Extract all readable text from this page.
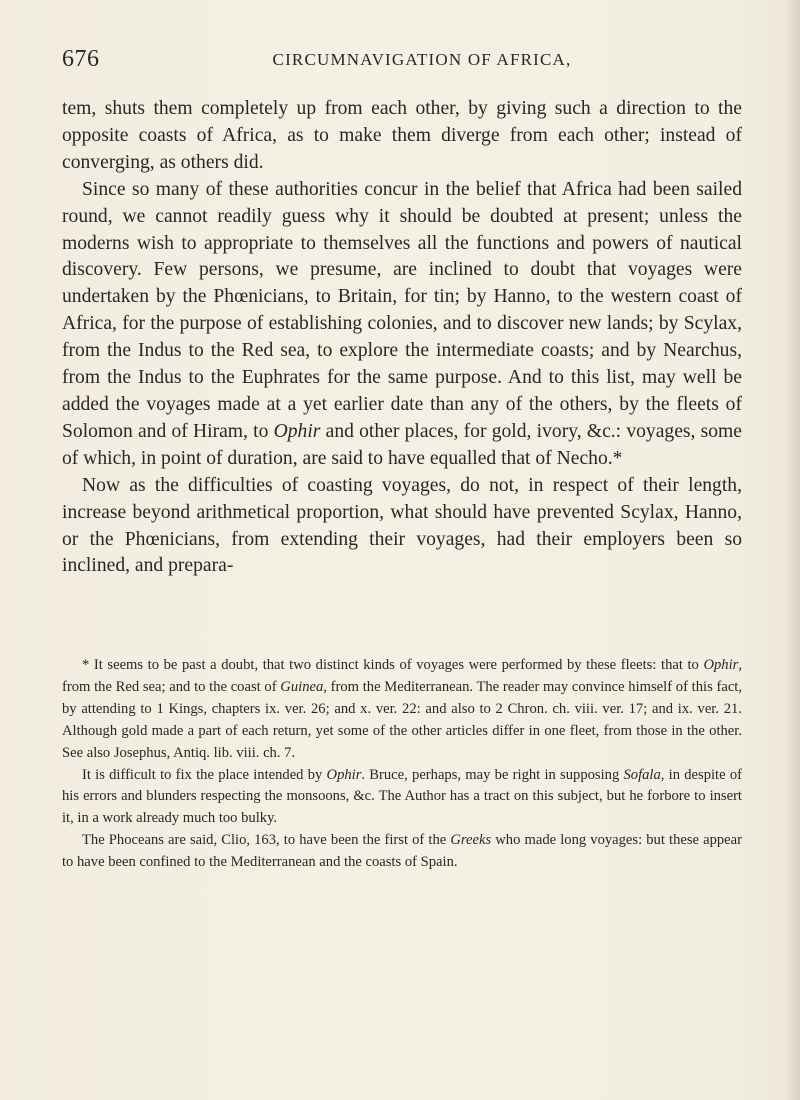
676	CIRCUMNAVIGATION OF AFRICA,

tem, shuts them completely up from each other, by giving such a direction to the opposite coasts of Africa, as to make them diverge from each other; instead of converging, as others did.

Since so many of these authorities concur in the belief that Africa had been sailed round, we cannot readily guess why it should be doubted at present; unless the moderns wish to appropriate to themselves all the functions and powers of nautical discovery. Few persons, we presume, are inclined to doubt that voyages were undertaken by the Phœnicians, to Britain, for tin; by Hanno, to the western coast of Africa, for the purpose of establishing colonies, and to discover new lands; by Scylax, from the Indus to the Red sea, to explore the intermediate coasts; and by Nearchus, from the Indus to the Euphrates for the same purpose. And to this list, may well be added the voyages made at a yet earlier date than any of the others, by the fleets of Solomon and of Hiram, to Ophir and other places, for gold, ivory, &c.: voyages, some of which, in point of duration, are said to have equalled that of Necho.*

Now as the difficulties of coasting voyages, do not, in respect of their length, increase beyond arithmetical proportion, what should have prevented Scylax, Hanno, or the Phœnicians, from extending their voyages, had their employers been so inclined, and prepara-

* It seems to be past a doubt, that two distinct kinds of voyages were performed by these fleets: that to Ophir, from the Red sea; and to the coast of Guinea, from the Mediterranean. The reader may convince himself of this fact, by attending to 1 Kings, chapters ix. ver. 26; and x. ver. 22: and also to 2 Chron. ch. viii. ver. 17; and ix. ver. 21. Although gold made a part of each return, yet some of the other articles differ in one fleet, from those in the other. See also Josephus, Antiq. lib. viii. ch. 7.

It is difficult to fix the place intended by Ophir. Bruce, perhaps, may be right in supposing Sofala, in despite of his errors and blunders respecting the monsoons, &c. The Author has a tract on this subject, but he forbore to insert it, in a work already much too bulky.

The Phoceans are said, Clio, 163, to have been the first of the Greeks who made long voyages: but these appear to have been confined to the Mediterranean and the coasts of Spain.
